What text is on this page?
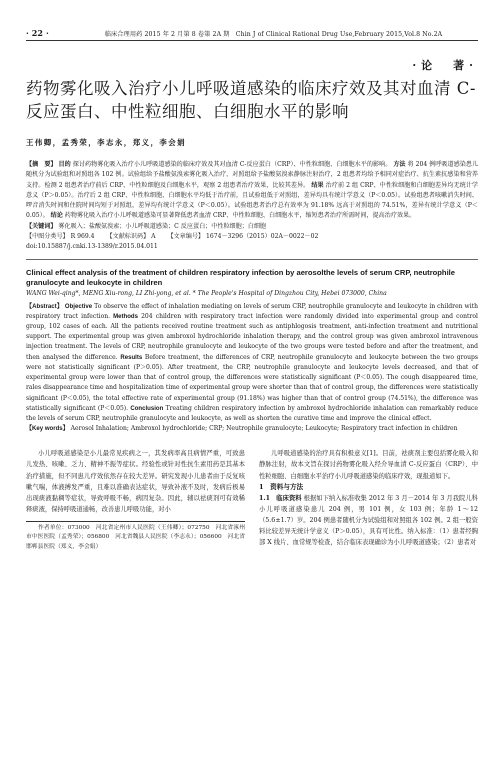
· 22 ·	临床合理用药 2015 年 2 月第 8 卷第 2A 期　Chin J of Clinical Rational Drug Use,February 2015,Vol.8 No.2A
·论　著·
药物雾化吸入治疗小儿呼吸道感染的临床疗效及其对血清 C-反应蛋白、中性粒细胞、白细胞水平的影响
王伟卿，孟秀荣，李志永，郑义，李会娟
【摘　要】 目的 探讨药物雾化吸入治疗小儿呼吸道感染的临床疗效及其对血清 C-反应蛋白（CRP）、中性粒细胞、白细胞水平的影响。 方法 将 204 例呼吸道感染患儿随机分为试验组和对照组各 102 例。试验组给予盐酸氨溴索雾化吸入治疗，对照组给予盐酸氨溴索静脉注射治疗，2 组患者均给予相同对症治疗、抗生素抗感染和营养支持。检测 2 组患者治疗前后 CRP、中性粒细胞及白细胞水平，观察 2 组患者治疗效果，比较其差异。 结果 治疗前 2 组 CRP、中性粒细胞和白细胞差异均无统计学意义（P＞0.05）。治疗后 2 组 CRP、中性粒细胞、白细胞水平均低于治疗前，且试验组低于对照组，差异均具有统计学意义（P＜0.05）。试验组患者咳嗽消失时间、啰音消失时间和住院时间均短于对照组，差异均有统计学意义（P＜0.05）。试验组患者治疗总有效率为 91.18% 远高于对照组的 74.51%，差异有统计学意义（P＜0.05）。 结论 药物雾化吸入治疗小儿呼吸道感染可显著降低患者血清 CRP、中性粒细胞、白细胞水平，缩短患者治疗所需时间，提高治疗效果。
【关键词】 雾化吸入；盐酸氨溴索；小儿呼吸道感染；C 反应蛋白；中性粒细胞；白细胞
【中图分类号】 R 969.4 【文献标识码】 A 【文章编号】 1674－3296（2015）02A－0022－02
doi:10.15887/j.cnki.13-1389/r.2015.04.011
Clinical effect analysis of the treatment of children respiratory infection by aerosolthe levels of serum CRP, neutrophile granulocyte and leukocyte in children
WANG Wei-qing*, MENG Xiu-rong, LI Zhi-yong, et al. * The People's Hospital of Dingzhou City, Hebei 073000, China
【Abstract】 Objective To observe the effect of inhalation mediating on levels of serum CRP, neutrophile granulocyte and leukocyte in children with respiratory tract infection. Methods 204 children with respiratory tract infection were randomly divided into experimental group and control group, 102 cases of each. All the patients received routine treatment such as antiphlogosis treatment, anti-infection treatment and nutritional support. The experimental group was given ambroxol hydrochloride inhalation therapy, and the control group was given ambroxol intravenous injection treatment. The levels of CRP, neutrophile granulocyte and leukocyte of the two groups were tested before and after the treatment, and then analysed the difference. Results Before treatment, the differences of CRP, neutrophile granulocyte and leukocyte between the two groups were not statistically significant (P＞0.05). After treatment, the CRP, neutrophile granulocyte and leukocyte levels decreased, and that of experimental group were lower than that of control group, the differences were statistically significant (P＜0.05). The cough disappeared time, rales disappearance time and hospitalization time of experimental group were shorter than that of control group, the differences were statistically significant (P＜0.05), the total effective rate of experimental group (91.18%) was higher than that of control group (74.51%), the difference was statistically significant (P＜0.05). Conclusion Treating children respiratory infection by ambroxol hydrochloride inhalation can remarkably reduce the levels of serum CRP, neutrophile granulocyte and leukocyte, as well as shorten the curative time and improve the clinical effect.
【Key words】 Aerosol Inhalation; Ambroxol hydrochloride; CRP; Neutrophile granulocyte; Leukocyte; Respiratory tract infection in children

小儿呼吸道感染是小儿最常见疾病之一，其发病率高且病情严重，可致患儿发热、咳嗽、乏力、精神不振等症状。经验性或针对性抗生素用药是其基本治疗措施，但不同患儿疗效依然存在较大差异。研究发现小儿患者由于反复咳嗽气喘，体液搏发严重，且难以准确表达症状，导致补液不及时，发病后极易出现痰液黏稠等症状，导致呼吸不畅，病因复杂。因此，辅以祛痰剂可有效稀释痰液，保持呼吸道通畅，改善患儿呼吸功能，对小

作者单位：073000　河北省定州市人民医院（王伟卿）；072750　河北省涿州市中医医院（孟秀荣）；056800　河北省魏县人民医院（李志永）；056600　河北省邯郸县医院（郑义，李会娟）

儿呼吸道感染的治疗具有积极意义[1]。目前，祛痰剂主要包括雾化吸入和静脉注射，故本文旨在探讨药物雾化吸入经介导血清 C-反应蛋白（CRP）、中性粒细胞、白细胞水平治疗小儿呼吸道感染的临床疗效，现报道如下。

1　资料与方法

1.1　临床资料 根据如下纳入标准收集 2012 年 3 月－2014 年 3 月我院儿科小儿呼吸道感染患儿 204 例，男 101 例，女 103 例；年龄 1～12（5.6±1.7）岁。204 例患者随机分为试验组和对照组各 102 例。2 组一般资料比较差异无统计学意义（P＞0.05），具有可比性。纳入标准：（1）患者经胸部 X 线片、血常规等检查，结合临床表现确诊为小儿呼吸道感染；（2）患者对
